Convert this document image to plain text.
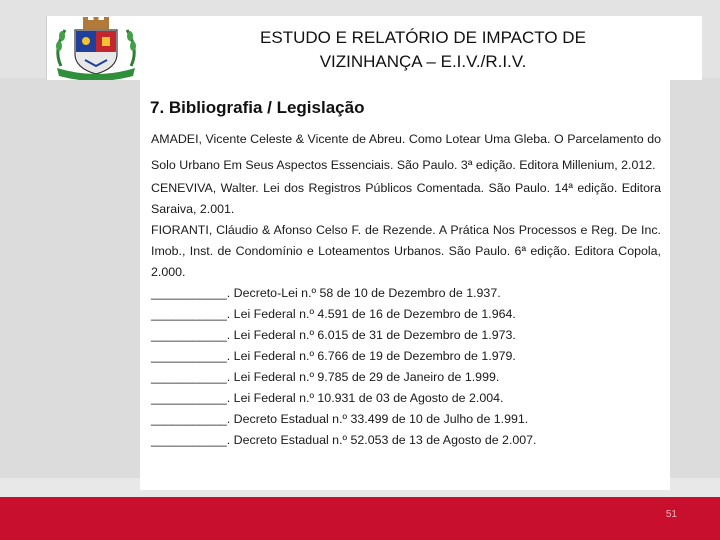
ESTUDO E RELATÓRIO DE IMPACTO DE
VIZINHANÇA – E.I.V./R.I.V.
7. Bibliografia / Legislação
AMADEI, Vicente Celeste & Vicente de Abreu. Como Lotear Uma Gleba. O Parcelamento do Solo Urbano Em Seus Aspectos Essenciais. São Paulo. 3ª edição. Editora Millenium, 2.012.
CENEVIVA, Walter. Lei dos Registros Públicos Comentada. São Paulo. 14ª edição. Editora Saraiva, 2.001.
FIORANTI, Cláudio & Afonso Celso F. de Rezende. A Prática Nos Processos e Reg. De Inc. Imob., Inst. de Condomínio e Loteamentos Urbanos. São Paulo. 6ª edição. Editora Copola, 2.000.
___________. Decreto-Lei n.º 58 de 10 de Dezembro de 1.937.
___________. Lei Federal n.º 4.591 de 16 de Dezembro de 1.964.
___________. Lei Federal n.º 6.015 de 31 de Dezembro de 1.973.
___________. Lei Federal n.º 6.766 de 19 de Dezembro de 1.979.
___________. Lei Federal n.º 9.785 de 29 de Janeiro de 1.999.
___________. Lei Federal n.º 10.931 de 03 de Agosto de 2.004.
___________. Decreto Estadual n.º 33.499 de 10 de Julho de 1.991.
___________. Decreto Estadual n.º 52.053 de 13 de Agosto de 2.007.
51
